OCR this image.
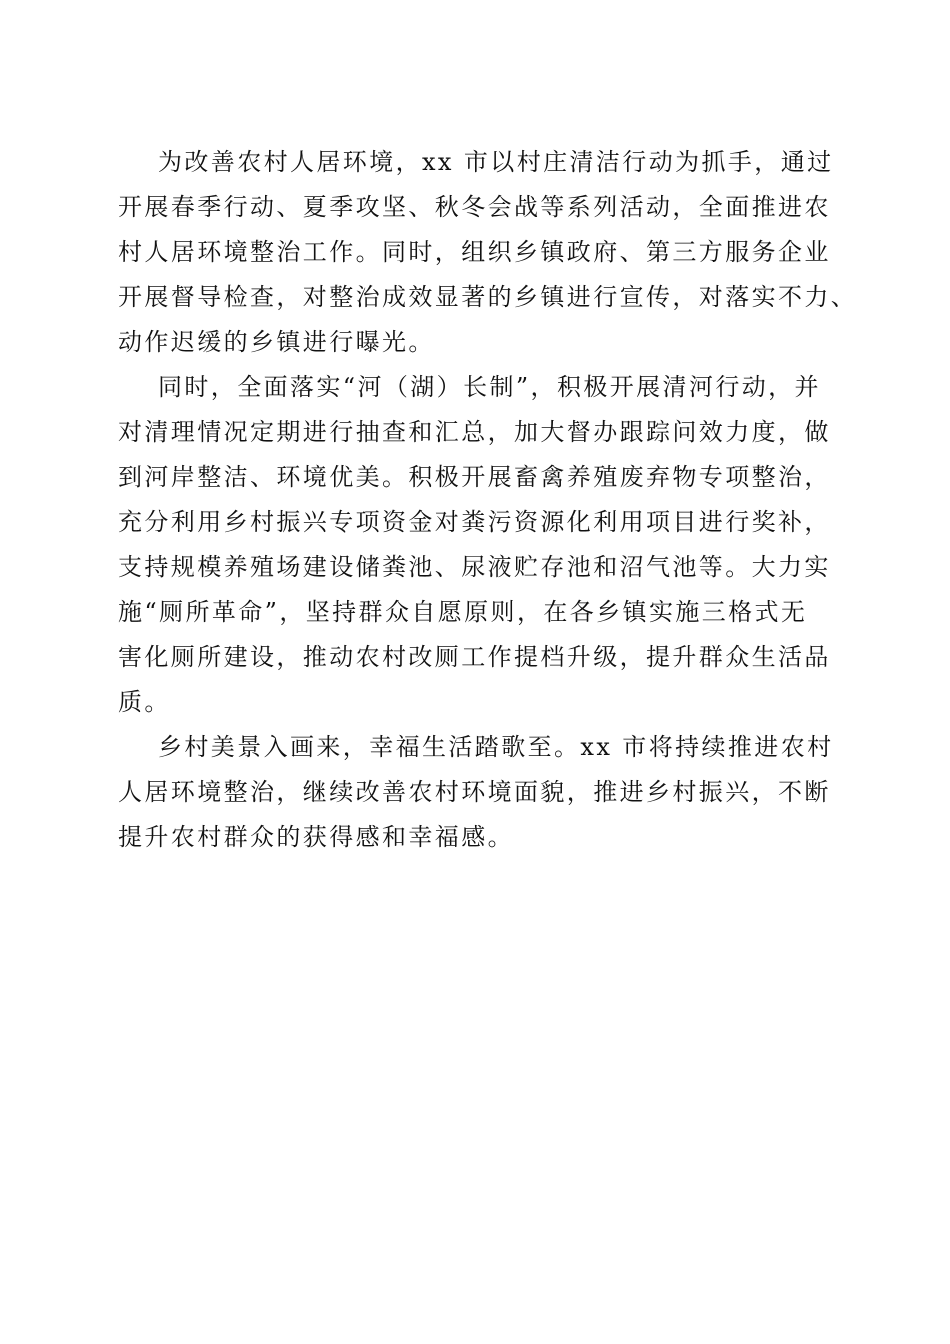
为改善农村人居环境，xx 市以村庄清洁行动为抓手，通过
开展春季行动、夏季攻坚、秋冬会战等系列活动，全面推进农
村人居环境整治工作。同时，组织乡镇政府、第三方服务企业
开展督导检查，对整治成效显著的乡镇进行宣传，对落实不力、
动作迟缓的乡镇进行曝光。
同时，全面落实“河（湖）长制”，积极开展清河行动，并
对清理情况定期进行抽查和汇总，加大督办跟踪问效力度，做
到河岸整洁、环境优美。积极开展畜禽养殖废弃物专项整治，
充分利用乡村振兴专项资金对粪污资源化利用项目进行奖补，
支持规模养殖场建设储粪池、尿液贮存池和沼气池等。大力实
施“厕所革命”，坚持群众自愿原则，在各乡镇实施三格式无
害化厕所建设，推动农村改厕工作提档升级，提升群众生活品
质。
乡村美景入画来，幸福生活踏歌至。xx 市将持续推进农村
人居环境整治，继续改善农村环境面貌，推进乡村振兴，不断
提升农村群众的获得感和幸福感。
